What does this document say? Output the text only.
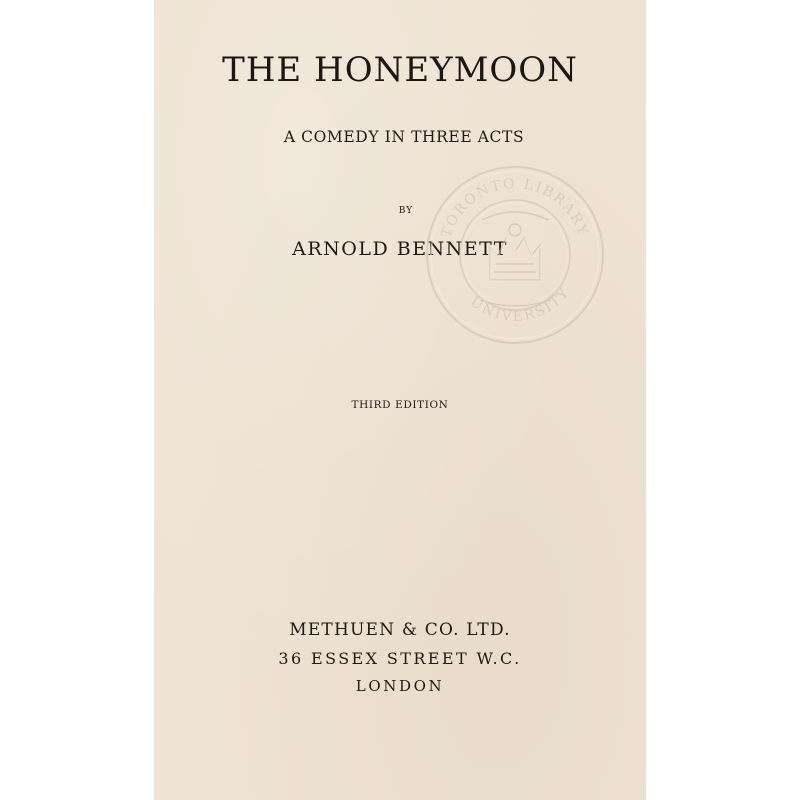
THE HONEYMOON
A COMEDY IN THREE ACTS
BY
ARNOLD BENNETT
TORONTO LIBRARY
UNIVERSITY
THIRD EDITION
METHUEN & CO. LTD.
36 ESSEX STREET W.C.
LONDON
